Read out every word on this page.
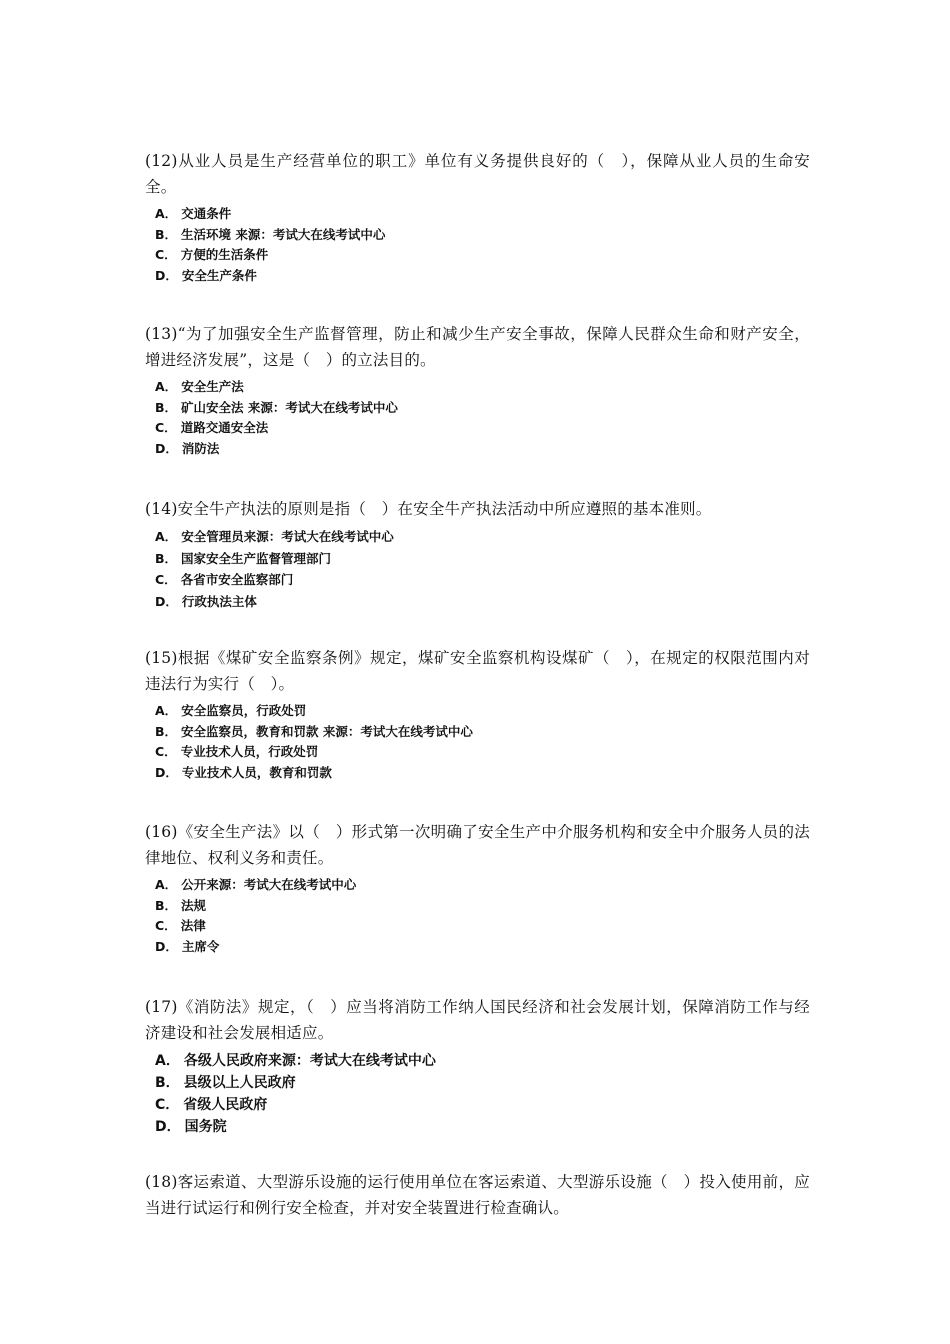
(12)从业人员是生产经营单位的职工》单位有义务提供良好的（　），保障从业人员的生命安全。

A． 交通条件
B． 生活环境 来源：考试大在线考试中心
C． 方便的生活条件
D． 安全生产条件

(13)“为了加强安全生产监督管理，防止和减少生产安全事故，保障人民群众生命和财产安全，增进经济发展”，这是（　）的立法目的。

A． 安全生产法
B． 矿山安全法 来源：考试大在线考试中心
C． 道路交通安全法
D． 消防法

(14)安全牛产执法的原则是指（　）在安全牛产执法活动中所应遵照的基本准则。

A． 安全管理员来源：考试大在线考试中心
B． 国家安全生产监督管理部门
C． 各省市安全监察部门
D． 行政执法主体

(15)根据《煤矿安全监察条例》规定，煤矿安全监察机构设煤矿（　），在规定的权限范围内对违法行为实行（　）。

A． 安全监察员，行政处罚
B． 安全监察员，教育和罚款 来源：考试大在线考试中心
C． 专业技术人员，行政处罚
D． 专业技术人员，教育和罚款

(16)《安全生产法》以（　）形式第一次明确了安全生产中介服务机构和安全中介服务人员的法律地位、权利义务和责任。

A． 公开来源：考试大在线考试中心
B． 法规
C． 法律
D． 主席令

(17)《消防法》规定，（　）应当将消防工作纳人国民经济和社会发展计划，保障消防工作与经济建设和社会发展相适应。

A． 各级人民政府来源：考试大在线考试中心
B． 县级以上人民政府
C． 省级人民政府
D． 国务院

(18)客运索道、大型游乐设施的运行使用单位在客运索道、大型游乐设施（　）投入使用前，应当进行试运行和例行安全检查，并对安全装置进行检查确认。
